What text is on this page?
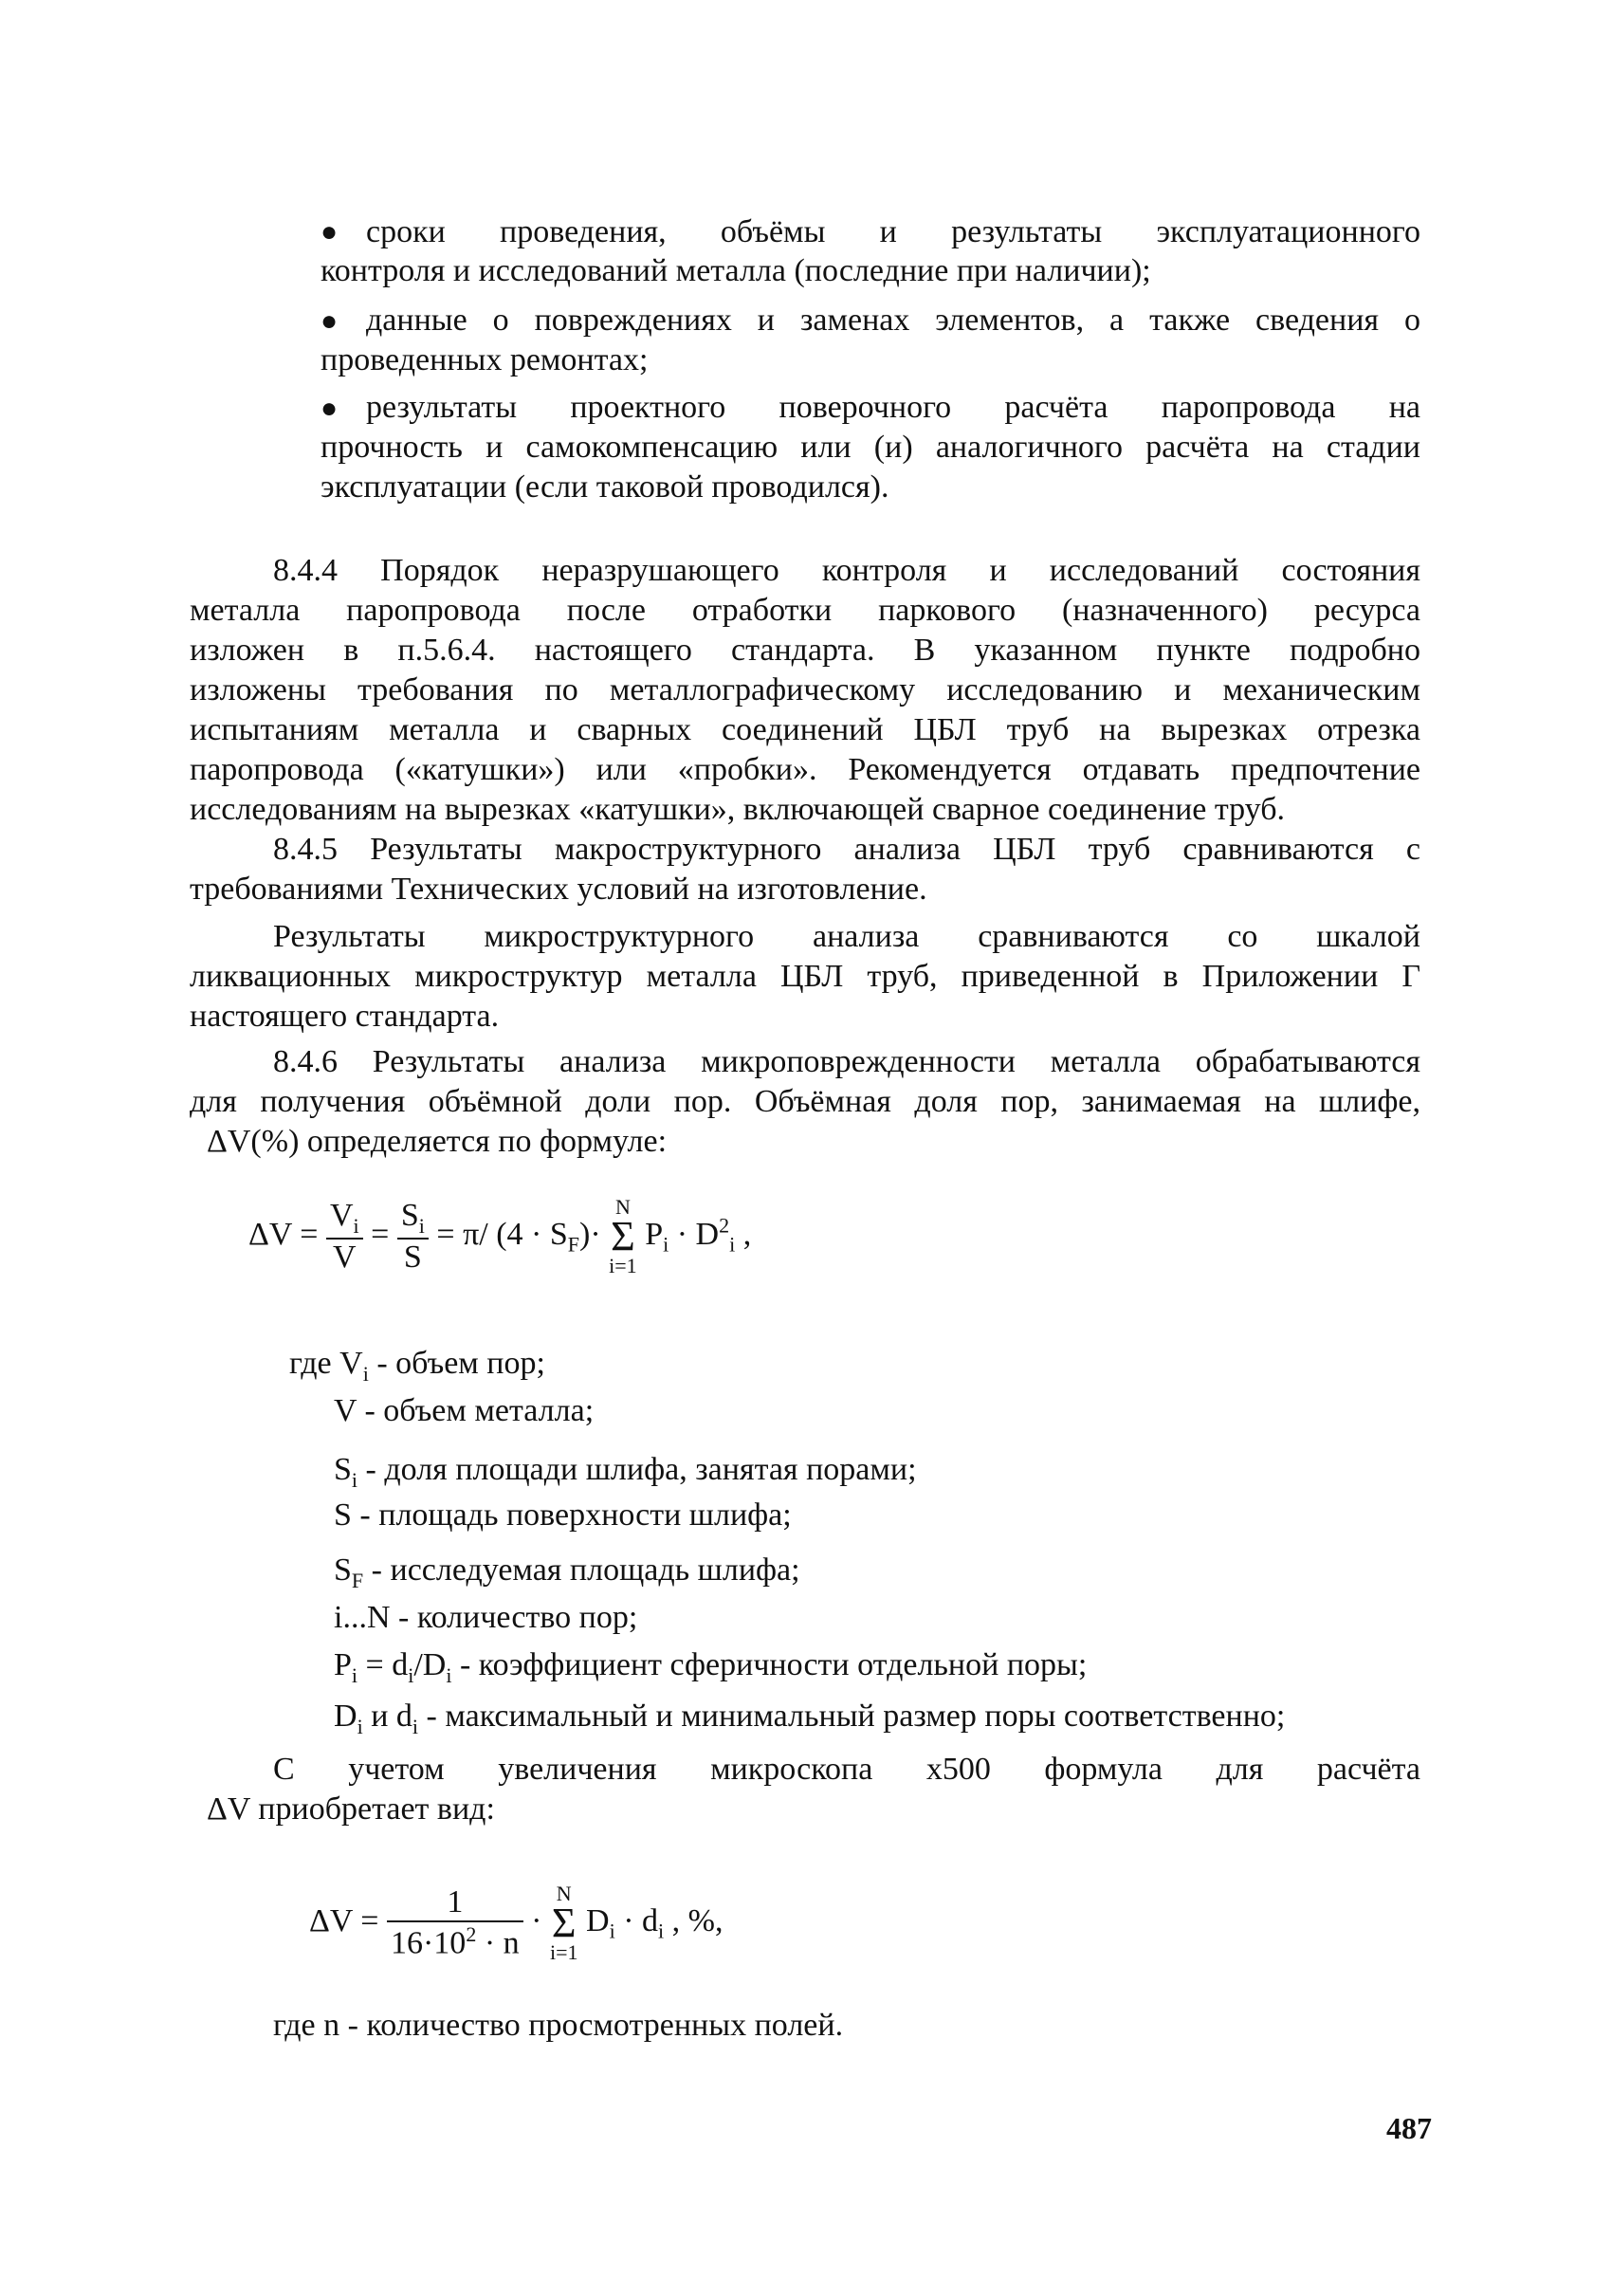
● сроки проведения, объёмы и результаты эксплуатационного
контроля и исследований металла (последние при наличии);
● данные о повреждениях и заменах элементов, а также сведения о
проведенных ремонтах;
● результаты проектного поверочного расчёта паропровода на
прочность и самокомпенсацию или (и) аналогичного расчёта на стадии
эксплуатации (если таковой проводился).
8.4.4 Порядок неразрушающего контроля и исследований состояния
металла паропровода после отработки паркового (назначенного) ресурса
изложен в п.5.6.4. настоящего стандарта. В указанном пункте подробно
изложены требования по металлографическому исследованию и механическим
испытаниям металла и сварных соединений ЦБЛ труб на вырезках отрезка
паропровода («катушки») или «пробки». Рекомендуется отдавать предпочтение
исследованиям на вырезках «катушки», включающей сварное соединение труб.
8.4.5 Результаты макроструктурного анализа ЦБЛ труб сравниваются с
требованиями Технических условий на изготовление.
Результаты микроструктурного анализа сравниваются со шкалой
ликвационных микроструктур металла ЦБЛ труб, приведенной в Приложении Г
настоящего стандарта.
8.4.6 Результаты анализа микроповрежденности металла обрабатываются
для получения объёмной доли пор. Объёмная доля пор, занимаемая на шлифе,
ΔV(%) определяется по формуле:
$\Delta V = \frac{V_i}{V} = \frac{S_i}{S} = \pi/$ $(4 \cdot S_F)\cdot N$
Σ
i=1 $P_i \cdot D^2_i$ ,
где $V_i$ - объем пор;
V - объем металла;
$S_i$ - доля площади шлифа, занятая порами;
S - площадь поверхности шлифа;
$S_F$ - исследуемая площадь шлифа;
i...N - количество пор;
$P_i = d_i/D_i$ - коэффициент сферичности отдельной поры;
$D_i$ и $d_i$ - максимальный и минимальный размер поры соответственно;
С учетом увеличения микроскопа х500 формула для расчёта
ΔV приобретает вид:
$\Delta V = \frac{1}{16\cdot 10^2 \cdot n} \cdot N$
Σ
i=1 $D_i \cdot d_i$ , %,
где n - количество просмотренных полей.
487
